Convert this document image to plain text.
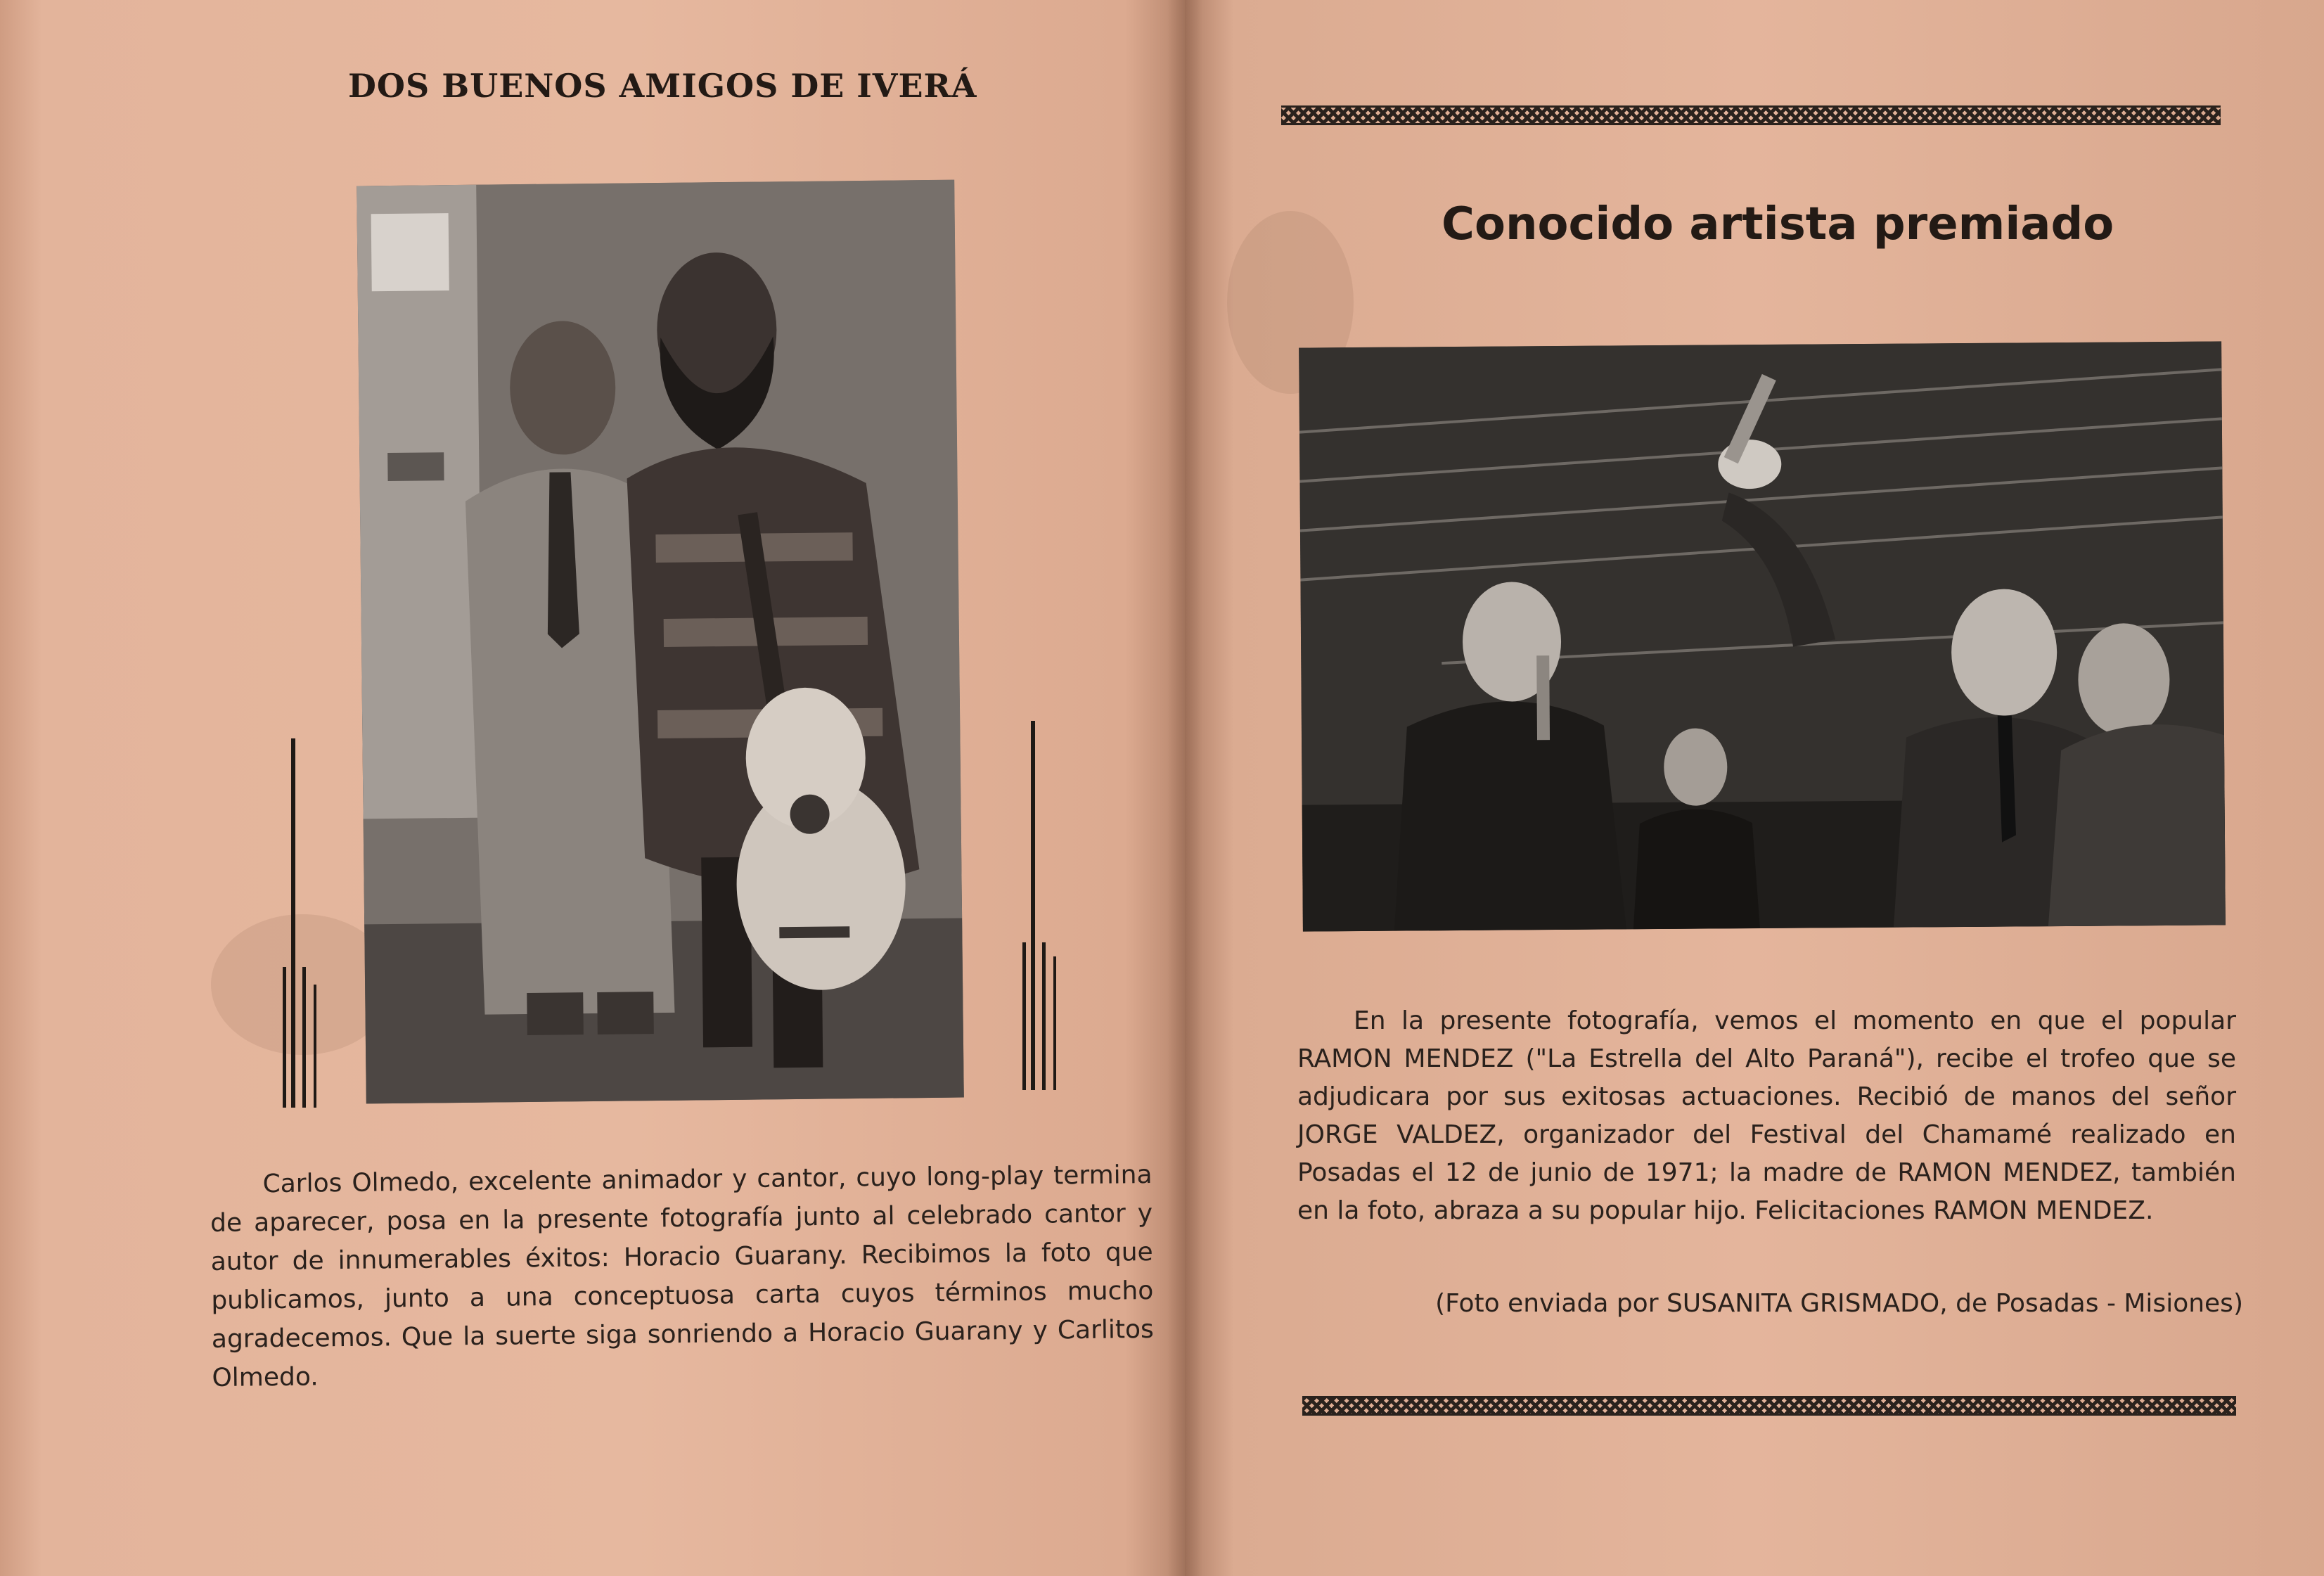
DOS BUENOS AMIGOS DE IVERÁ
Carlos Olmedo, excelente animador y cantor, cuyo long-play termina de aparecer, posa en la presente fotografía junto al celebrado cantor y autor de innumerables éxitos: Horacio Guarany. Recibimos la foto que publicamos, junto a una conceptuosa carta cuyos términos mucho agradecemos. Que la suerte siga sonriendo a Horacio Guarany y Carlitos Olmedo.
Conocido artista premiado
En la presente fotografía, vemos el momento en que el popular RAMON MENDEZ ("La Estrella del Alto Paraná"), recibe el trofeo que se adjudicara por sus exitosas actuaciones. Recibió de manos del señor JORGE VALDEZ, organizador del Festival del Chamamé realizado en Posadas el 12 de junio de 1971; la madre de RAMON MENDEZ, también en la foto, abraza a su popular hijo. Felicitaciones RAMON MENDEZ.
(Foto enviada por SUSANITA GRISMADO, de Posadas - Misiones)
